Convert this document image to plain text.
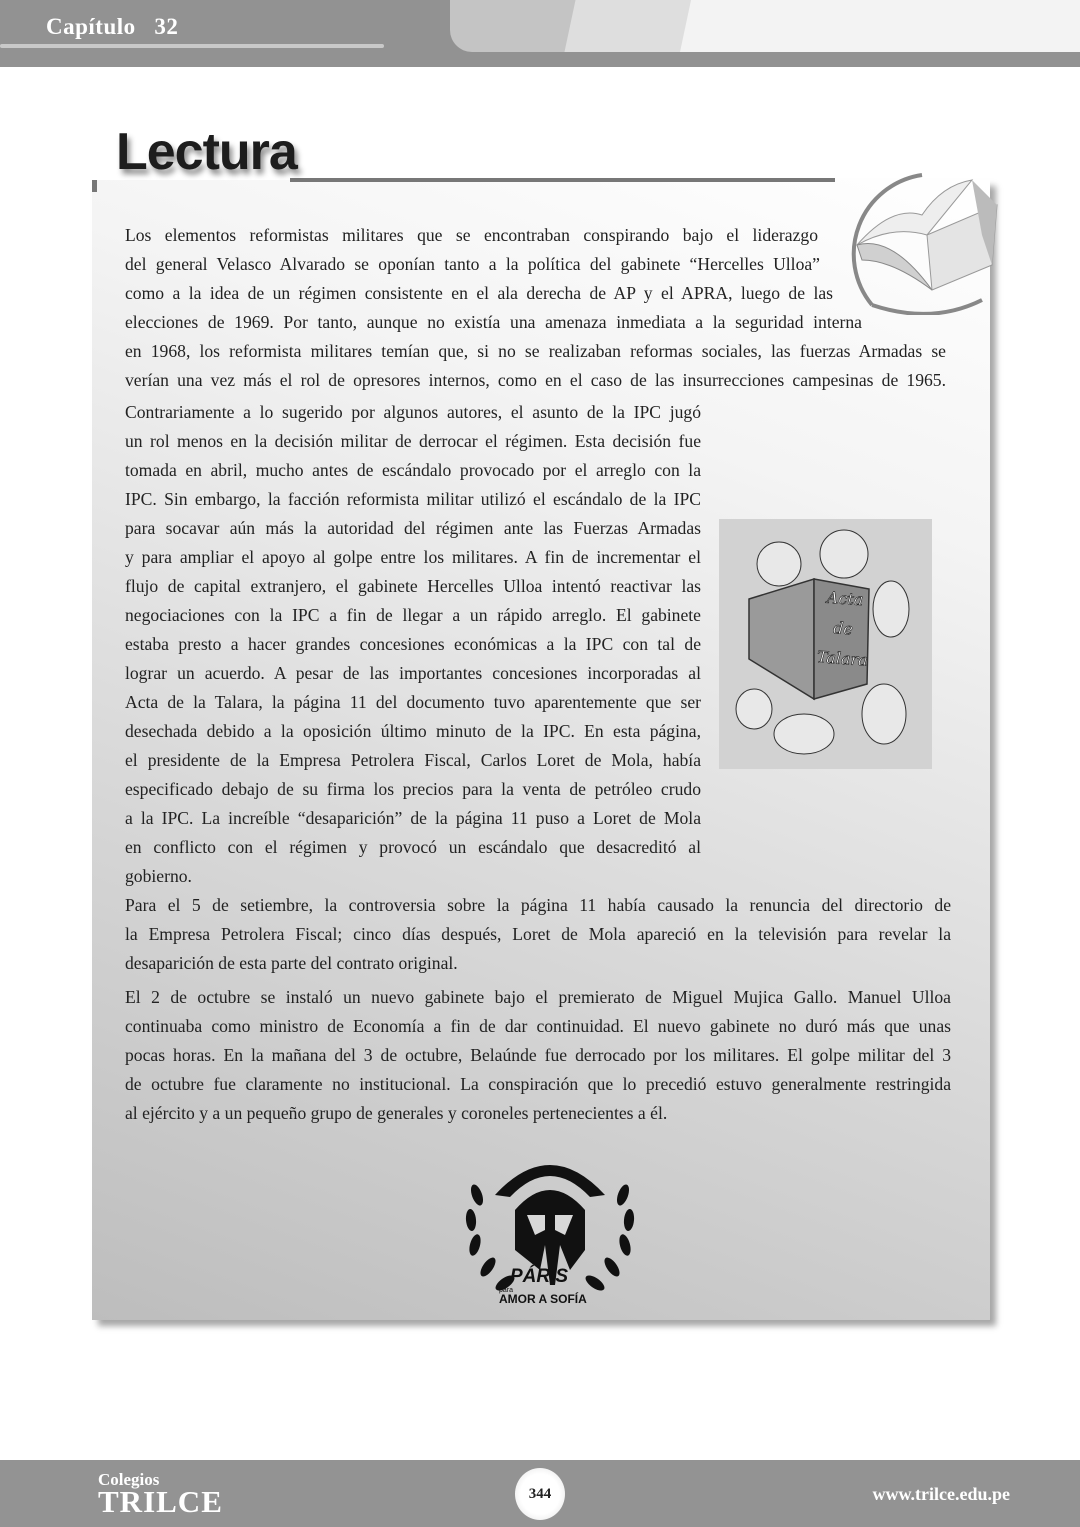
Capítulo   32
Lectura
Los elementos reformistas militares que se encontraban conspirando bajo el liderazgo
del general Velasco Alvarado se oponían tanto a la política del gabinete “Hercelles Ulloa”
como a la idea de un régimen consistente en el ala derecha de AP y el APRA, luego de las
elecciones de 1969. Por tanto, aunque no existía una amenaza inmediata a la seguridad interna
en 1968, los reformista militares temían que, si no se realizaban reformas sociales, las fuerzas Armadas se
verían una vez más el rol de opresores internos, como en el caso de las insurrecciones campesinas de 1965.
Contrariamente a lo sugerido por algunos autores, el asunto de la IPC jugó
un rol menos en la decisión militar de derrocar el régimen. Esta decisión fue
tomada en abril, mucho antes de escándalo provocado por el arreglo con la
IPC. Sin embargo, la facción reformista militar utilizó el escándalo de la IPC
para socavar aún más la autoridad del régimen ante las Fuerzas Armadas
y para ampliar el apoyo al golpe entre los militares. A fin de incrementar el
flujo de capital extranjero, el gabinete Hercelles Ulloa intentó reactivar las
negociaciones con la IPC a fin de llegar a un rápido arreglo. El gabinete
estaba presto a hacer grandes concesiones económicas a la IPC con tal de
lograr un acuerdo. A pesar de las importantes concesiones incorporadas al
Acta de la Talara, la página 11 del documento tuvo aparentemente que ser
desechada debido a la oposición último minuto de la IPC. En esta página,
el presidente de la Empresa Petrolera Fiscal, Carlos Loret de Mola, había
especificado debajo de su firma los precios para la venta de petróleo crudo
a la IPC. La increíble “desaparición” de la página 11 puso a Loret de Mola
en conflicto con el régimen y provocó un escándalo que desacreditó al
gobierno.
Para el 5 de setiembre, la controversia sobre la página 11 había causado la renuncia del directorio de
la Empresa Petrolera Fiscal; cinco días después, Loret de Mola apareció en la televisión para revelar la
desaparición de esta parte del contrato original.
El 2 de octubre se instaló un nuevo gabinete bajo el premierato de Miguel Mujica Gallo. Manuel Ulloa
continuaba como ministro de Economía a fin de dar continuidad. El nuevo gabinete no duró más que unas
pocas horas. En la mañana del 3 de octubre, Belaúnde fue derrocado por los militares. El golpe militar del 3
de octubre fue claramente no institucional. La conspiración que lo precedió estuvo generalmente restringida
al ejército y a un pequeño grupo de generales y coroneles pertenecientes a él.
Acta
de
Talara
PÁRIS
para
AMOR A SOFÍA
Colegios
TRILCE	344	www.trilce.edu.pe
